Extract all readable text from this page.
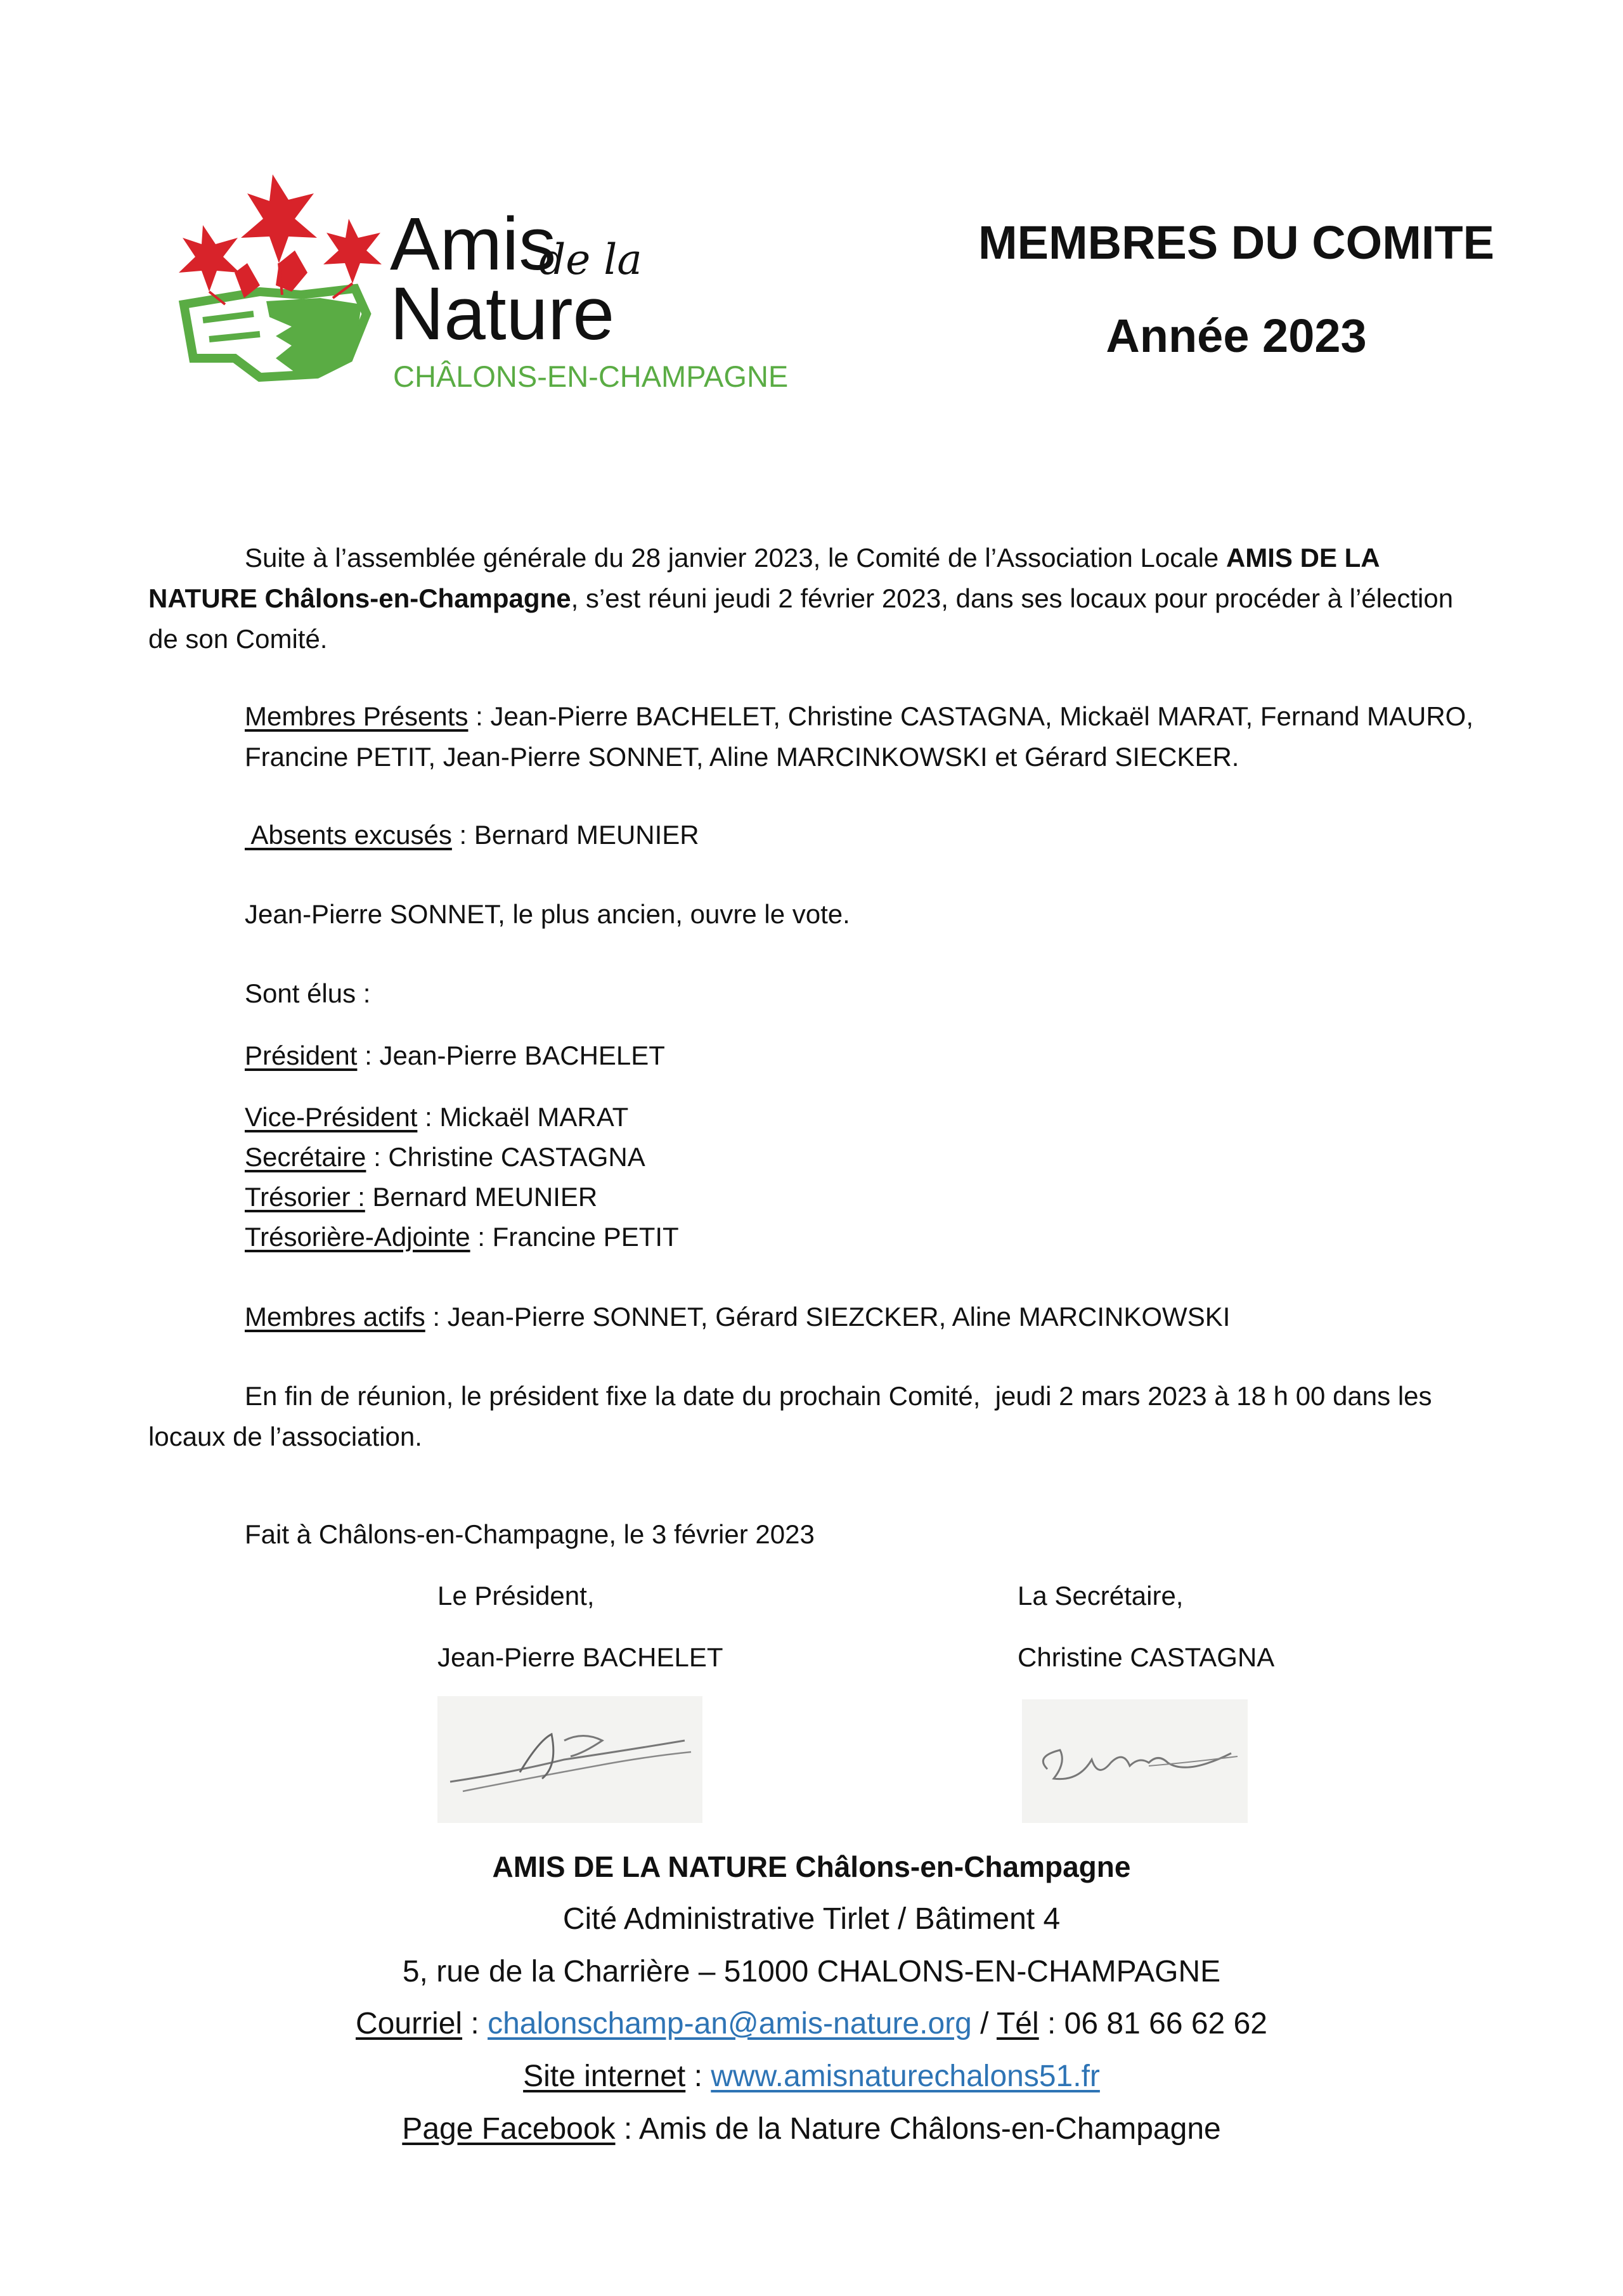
Amis
de la
Nature
CHÂLONS-EN-CHAMPAGNE
MEMBRES DU COMITE
Année 2023
Suite à l’assemblée générale du 28 janvier 2023, le Comité de l’Association Locale AMIS DE LA NATURE Châlons-en-Champagne, s’est réuni jeudi 2 février 2023, dans ses locaux pour procéder à l’élection de son Comité.
Membres Présents : Jean-Pierre BACHELET, Christine CASTAGNA, Mickaël MARAT, Fernand MAURO, Francine PETIT, Jean-Pierre SONNET, Aline MARCINKOWSKI et Gérard SIECKER.
Absents excusés : Bernard MEUNIER
Jean-Pierre SONNET, le plus ancien, ouvre le vote.
Sont élus :
Président : Jean-Pierre BACHELET
Vice-Président : Mickaël MARAT
Secrétaire : Christine CASTAGNA
Trésorier : Bernard MEUNIER
Trésorière-Adjointe : Francine PETIT
Membres actifs : Jean-Pierre SONNET, Gérard SIEZCKER, Aline MARCINKOWSKI
En fin de réunion, le président fixe la date du prochain Comité,  jeudi 2 mars 2023 à 18 h 00 dans les locaux de l’association.
Fait à Châlons-en-Champagne, le 3 février 2023
Le Président,
Jean-Pierre BACHELET
La Secrétaire,
Christine CASTAGNA
AMIS DE LA NATURE Châlons-en-Champagne
Cité Administrative Tirlet / Bâtiment 4
5, rue de la Charrière – 51000 CHALONS-EN-CHAMPAGNE
Courriel : chalonschamp-an@amis-nature.org / Tél : 06 81 66 62 62
Site internet : www.amisnaturechalons51.fr
Page Facebook : Amis de la Nature Châlons-en-Champagne
